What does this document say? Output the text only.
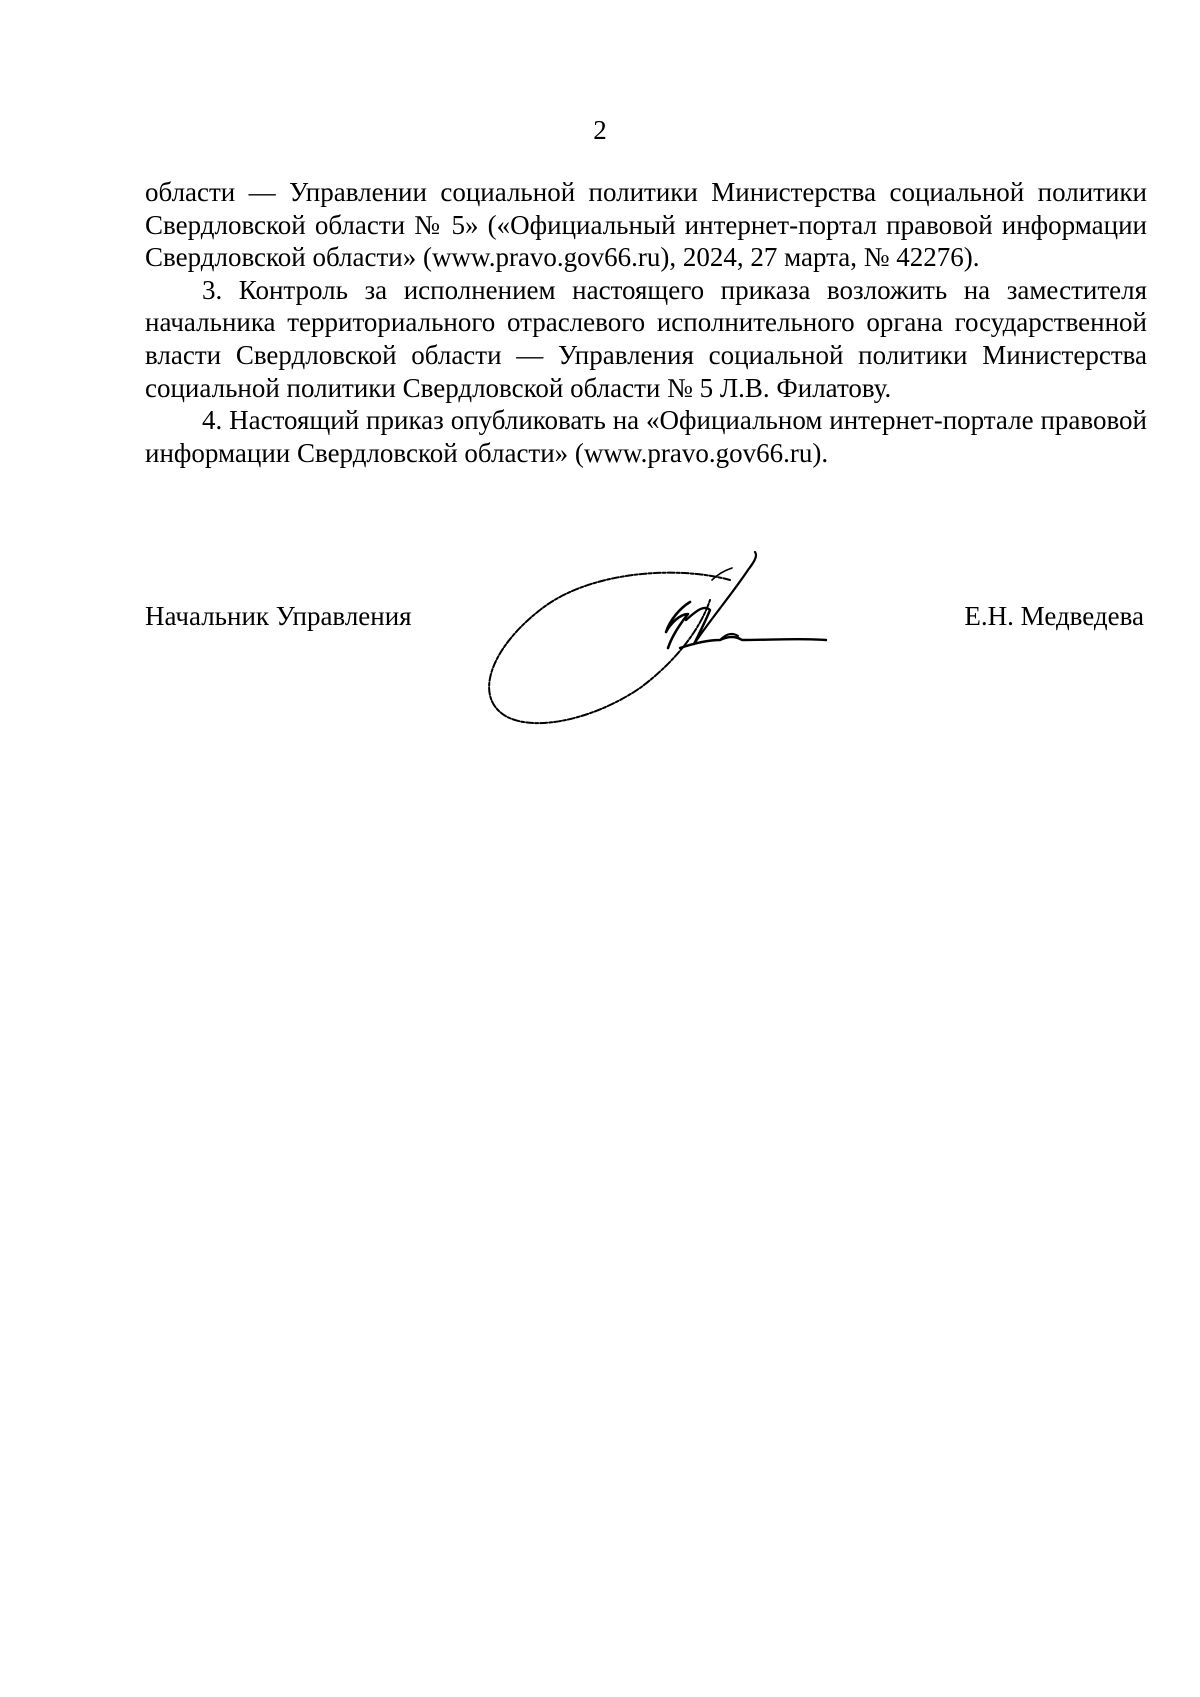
2

области — Управлении социальной политики Министерства социальной политики Свердловской области № 5» («Официальный интернет-портал правовой информации Свердловской области» (www.pravo.gov66.ru), 2024, 27 марта, № 42276).

3. Контроль за исполнением настоящего приказа возложить на заместителя начальника территориального отраслевого исполнительного органа государственной власти Свердловской области — Управления социальной политики Министерства социальной политики Свердловской области № 5 Л.В. Филатову.

4. Настоящий приказ опубликовать на «Официальном интернет-портале правовой информации Свердловской области» (www.pravo.gov66.ru).

Начальник Управления	Е.Н. Медведева
